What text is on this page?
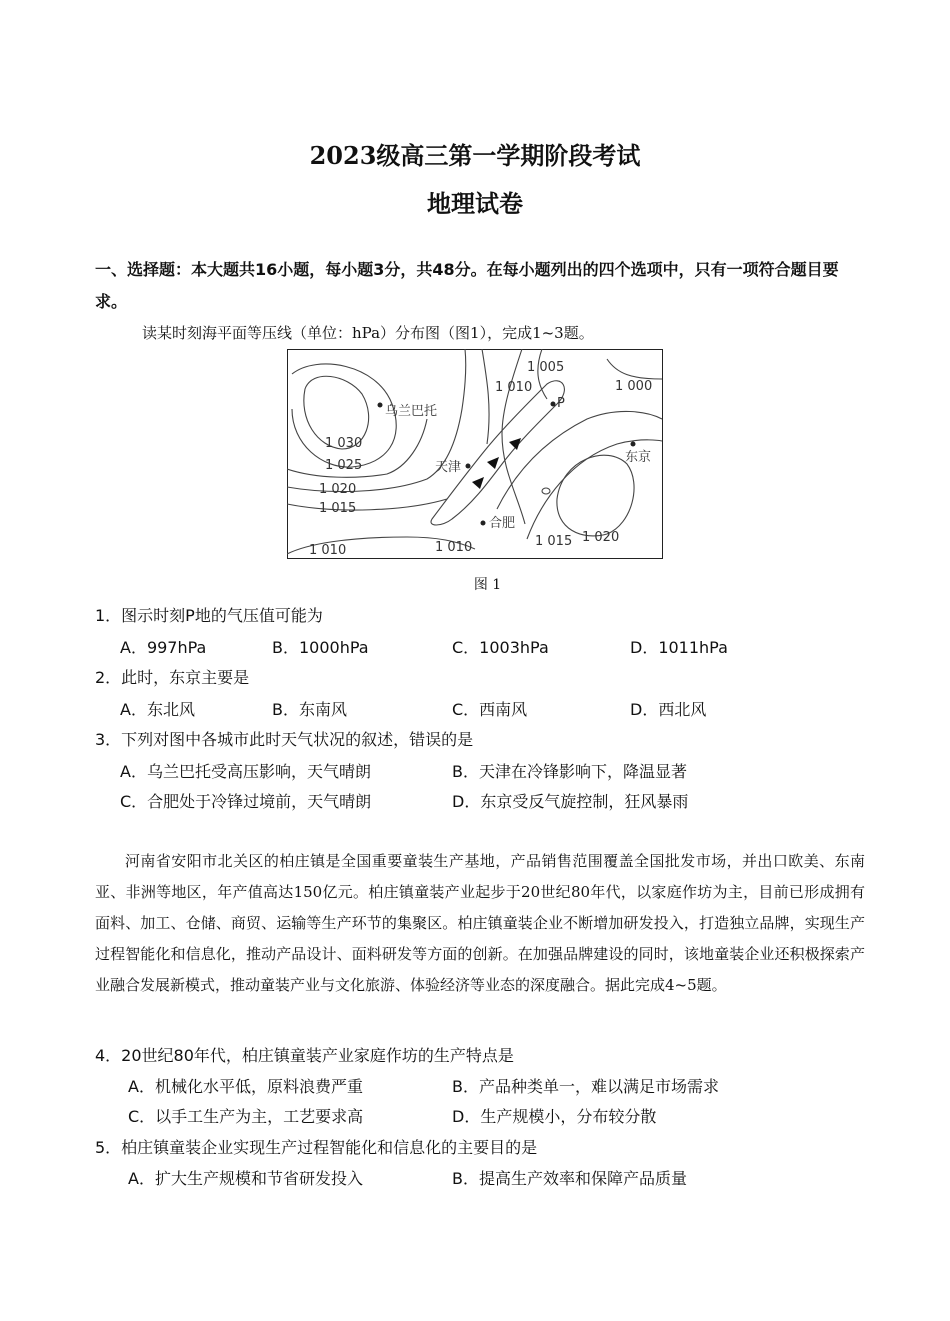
2023级高三第一学期阶段考试
地理试卷
一、选择题：本大题共16小题，每小题3分，共48分。在每小题列出的四个选项中，只有一项符合题目要求。
读某时刻海平面等压线（单位：hPa）分布图（图1），完成1~3题。
乌兰巴托
天津
合肥
东京
P
1 030
1 025
1 020
1 015
1 010	1 010
1 010
1 005
1 000
1 015 1 020
图 1
1．图示时刻P地的气压值可能为
A．997hPa	B．1000hPa	C．1003hPa	D．1011hPa
2．此时，东京主要是
A．东北风	B．东南风	C．西南风	D．西北风
3．下列对图中各城市此时天气状况的叙述，错误的是
A．乌兰巴托受高压影响，天气晴朗	B．天津在冷锋影响下，降温显著
C．合肥处于冷锋过境前，天气晴朗	D．东京受反气旋控制，狂风暴雨
河南省安阳市北关区的柏庄镇是全国重要童装生产基地，产品销售范围覆盖全国批发市场，并出口欧美、东南亚、非洲等地区，年产值高达150亿元。柏庄镇童装产业起步于20世纪80年代，以家庭作坊为主，目前已形成拥有面料、加工、仓储、商贸、运输等生产环节的集聚区。柏庄镇童装企业不断增加研发投入，打造独立品牌，实现生产过程智能化和信息化，推动产品设计、面料研发等方面的创新。在加强品牌建设的同时，该地童装企业还积极探索产业融合发展新模式，推动童装产业与文化旅游、体验经济等业态的深度融合。据此完成4~5题。
4．20世纪80年代，柏庄镇童装产业家庭作坊的生产特点是
A．机械化水平低，原料浪费严重	B．产品种类单一，难以满足市场需求
C．以手工生产为主，工艺要求高	D．生产规模小，分布较分散
5．柏庄镇童装企业实现生产过程智能化和信息化的主要目的是
A．扩大生产规模和节省研发投入	B．提高生产效率和保障产品质量
